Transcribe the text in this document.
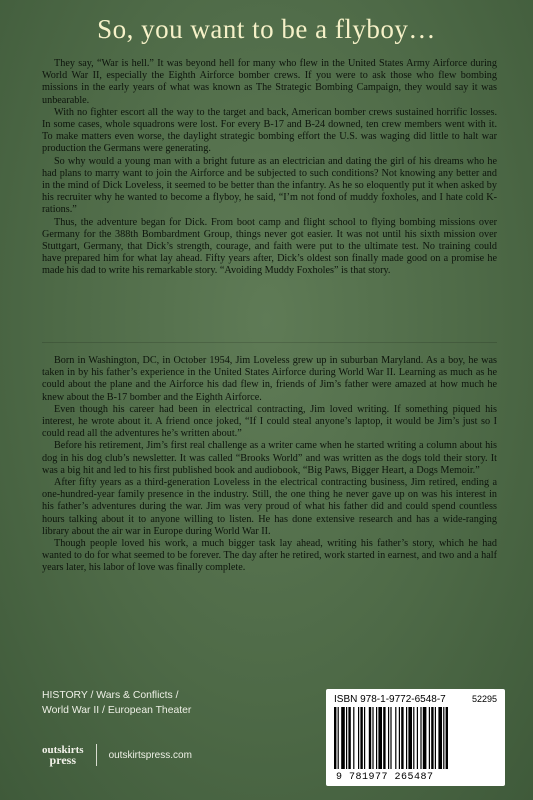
So, you want to be a flyboy…

They say, “War is hell.” It was beyond hell for many who flew in the United States Army Airforce during World War II, especially the Eighth Airforce bomber crews. If you were to ask those who flew bombing missions in the early years of what was known as The Strategic Bombing Campaign, they would say it was unbearable.

With no fighter escort all the way to the target and back, American bomber crews sustained horrific losses. In some cases, whole squadrons were lost. For every B-17 and B-24 downed, ten crew members went with it. To make matters even worse, the daylight strategic bombing effort the U.S. was waging did little to halt war production the Germans were generating.

So why would a young man with a bright future as an electrician and dating the girl of his dreams who he had plans to marry want to join the Airforce and be subjected to such conditions? Not knowing any better and in the mind of Dick Loveless, it seemed to be better than the infantry. As he so eloquently put it when asked by his recruiter why he wanted to become a flyboy, he said, “I’m not fond of muddy foxholes, and I hate cold K-rations.”

Thus, the adventure began for Dick. From boot camp and flight school to flying bombing missions over Germany for the 388th Bombardment Group, things never got easier. It was not until his sixth mission over Stuttgart, Germany, that Dick’s strength, courage, and faith were put to the ultimate test. No training could have prepared him for what lay ahead. Fifty years after, Dick’s oldest son finally made good on a promise he made his dad to write his remarkable story. “Avoiding Muddy Foxholes” is that story.

Born in Washington, DC, in October 1954, Jim Loveless grew up in suburban Maryland. As a boy, he was taken in by his father’s experience in the United States Airforce during World War II. Learning as much as he could about the plane and the Airforce his dad flew in, friends of Jim’s father were amazed at how much he knew about the B-17 bomber and the Eighth Airforce.

Even though his career had been in electrical contracting, Jim loved writing. If something piqued his interest, he wrote about it. A friend once joked, “If I could steal anyone’s laptop, it would be Jim’s just so I could read all the adventures he’s written about.”

Before his retirement, Jim’s first real challenge as a writer came when he started writing a column about his dog in his dog club’s newsletter. It was called “Brooks World” and was written as the dogs told their story. It was a big hit and led to his first published book and audiobook, “Big Paws, Bigger Heart, a Dogs Memoir.”

After fifty years as a third-generation Loveless in the electrical contracting business, Jim retired, ending a one-hundred-year family presence in the industry. Still, the one thing he never gave up on was his interest in his father’s adventures during the war. Jim was very proud of what his father did and could spend countless hours talking about it to anyone willing to listen. He has done extensive research and has a wide-ranging library about the air war in Europe during World War II.

Though people loved his work, a much bigger task lay ahead, writing his father’s story, which he had wanted to do for what seemed to be forever. The day after he retired, work started in earnest, and two and a half years later, his labor of love was finally complete.

HISTORY / Wars & Conflicts /
World War II / European Theater
outskirts
press	outskirtspress.com
ISBN 978-1-9772-6548-7	52295
9 781977 265487
